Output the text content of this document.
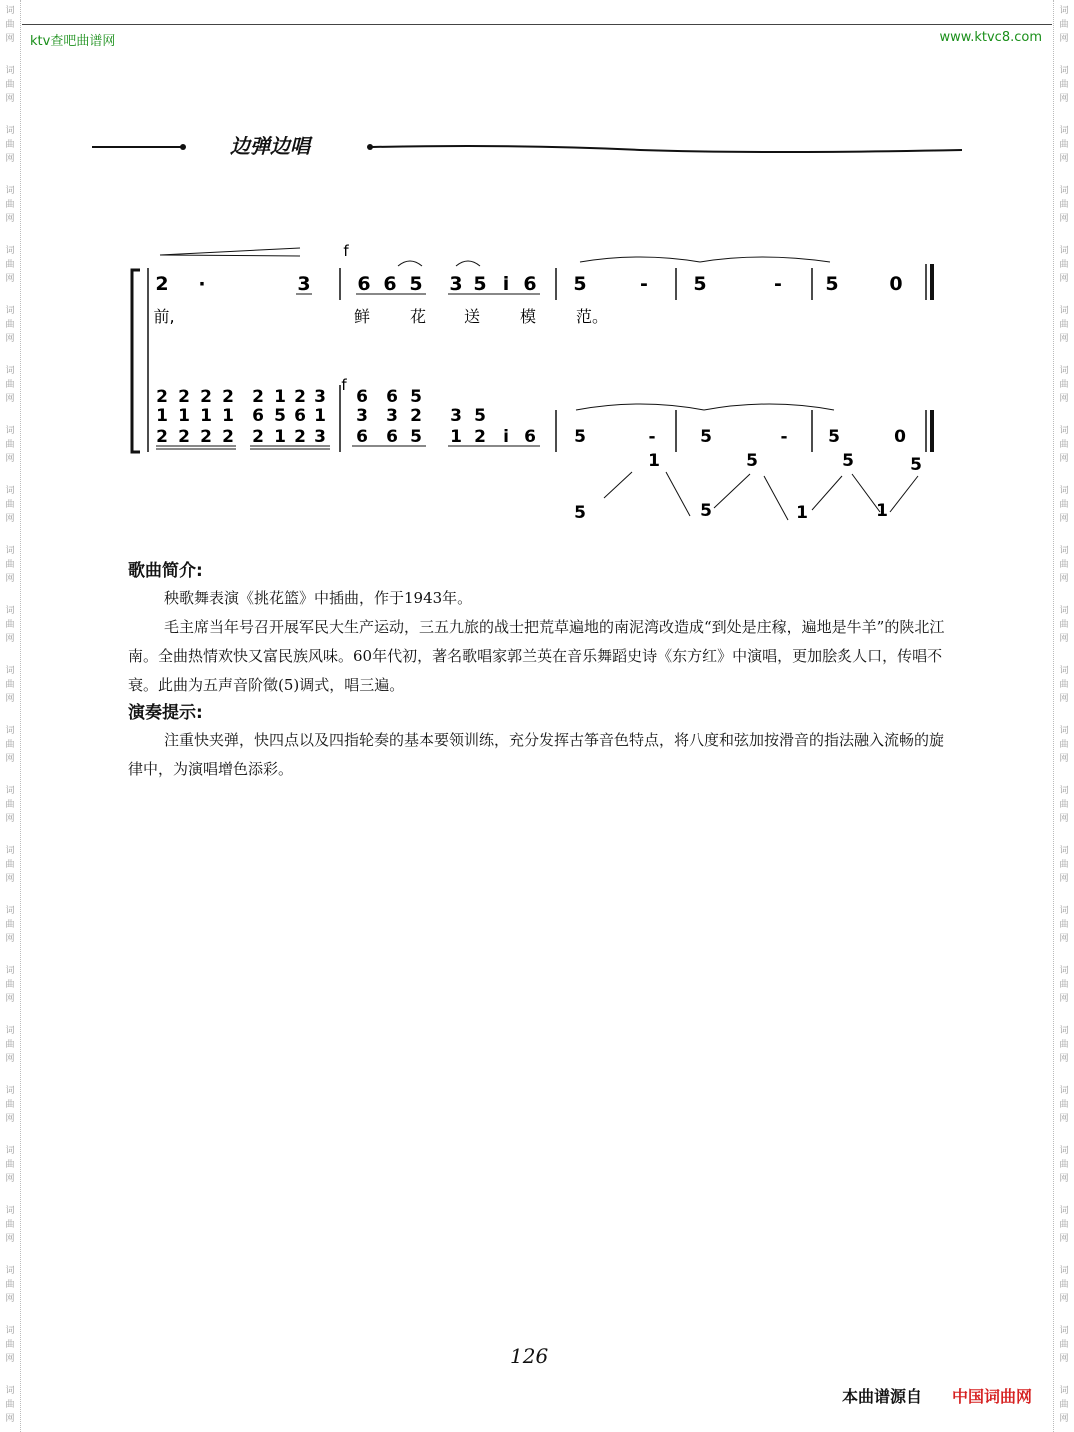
词
曲
网
词
曲
网
词
曲
网
词
曲
网
词
曲
网
词
曲
网
词
曲
网
词
曲
网
词
曲
网
词
曲
网
词
曲
网
词
曲
网
词
曲
网
词
曲
网
词
曲
网
词
曲
网
词
曲
网
词
曲
网
词
曲
网
词
曲
网
词
曲
网
词
曲
网
词
曲
网
词
曲
网
词
曲
网
词
曲
网
词
曲
网
词
曲
网
词
曲
网
词
曲
网
词
曲
网
词
曲
网
词
曲
网
词
曲
网
词
曲
网
词
曲
网
词
曲
网
词
曲
网
词
曲
网
词
曲
网
词
曲
网
词
曲
网
词
曲
网
词
曲
网
词
曲
网
词
曲
网
词
曲
网
词
曲
网
ktv查吧曲谱网	www.ktvc8.com
边弹边唱
f
f
2 ·	3 6 6 5 3 5 i 6 5	- 5	- 5	0
前,	鲜 花 送 模 范。
2 2 2 2 2 1 2 3 6 6 5
1 1 1 1 6 5 6 1 3 3 2 3 5
2 2 2 2 2 1 2 3 6 6 5 1 2 i 6 5	-	5	- 5	0
5
1
5
5
1
5
1
5
歌曲简介:
秧歌舞表演《挑花篮》中插曲，作于1943年。
毛主席当年号召开展军民大生产运动，三五九旅的战士把荒草遍地的南泥湾改造成“到处是庄稼，遍地是牛羊”的陕北江南。全曲热情欢快又富民族风味。60年代初，著名歌唱家郭兰英在音乐舞蹈史诗《东方红》中演唱，更加脍炙人口，传唱不衰。此曲为五声音阶徵(5)调式，唱三遍。
演奏提示:
注重快夹弹，快四点以及四指轮奏的基本要领训练，充分发挥古筝音色特点，将八度和弦加按滑音的指法融入流畅的旋律中，为演唱增色添彩。
126
本曲谱源自 中国词曲网
